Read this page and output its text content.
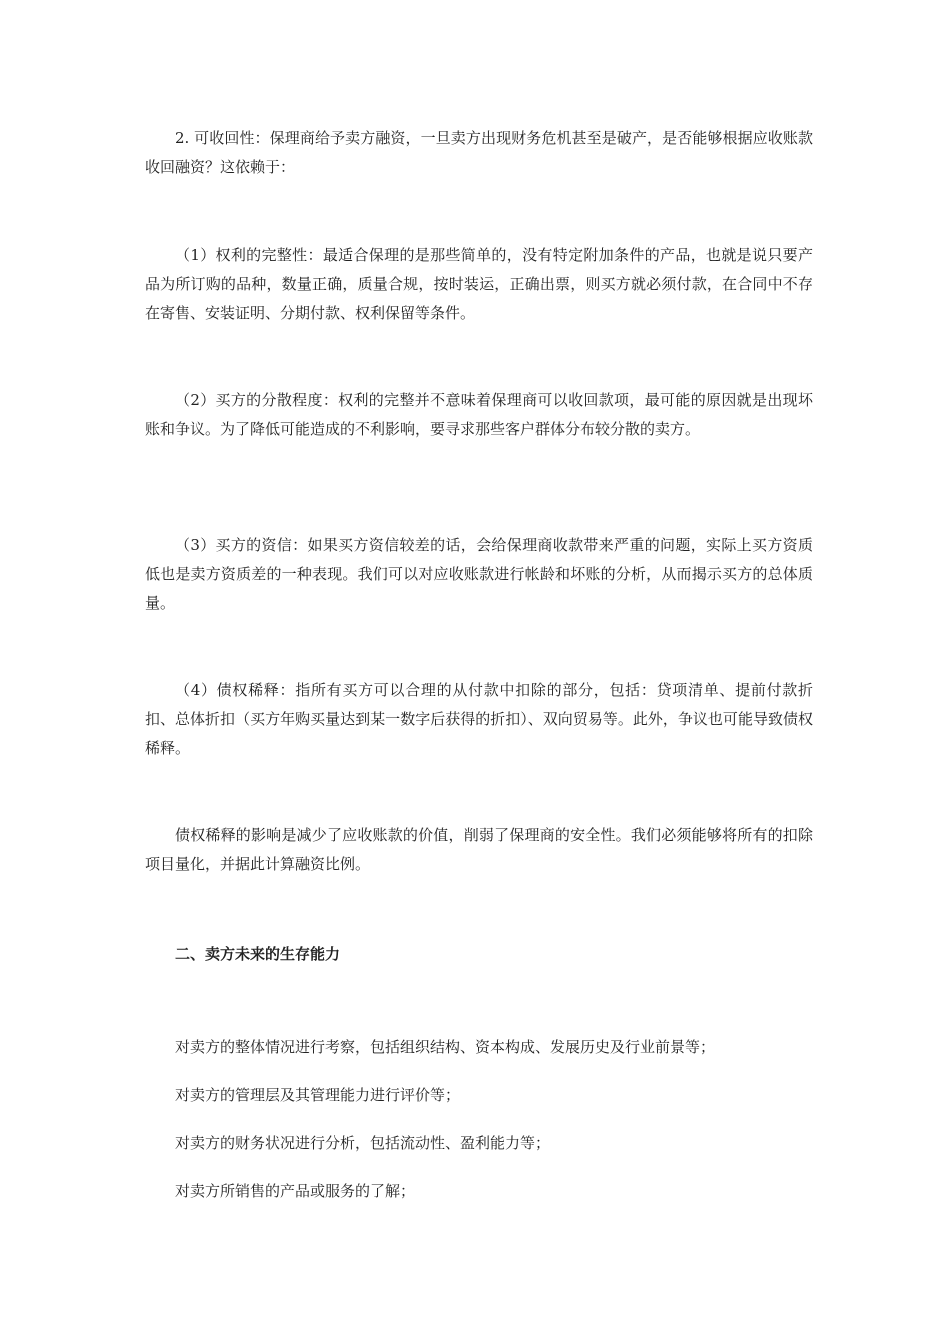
2. 可收回性：保理商给予卖方融资，一旦卖方出现财务危机甚至是破产，是否能够根据应收账款收回融资？这依赖于：

（1）权利的完整性：最适合保理的是那些简单的，没有特定附加条件的产品，也就是说只要产品为所订购的品种，数量正确，质量合规，按时装运，正确出票，则买方就必须付款，在合同中不存在寄售、安装证明、分期付款、权利保留等条件。

（2）买方的分散程度：权利的完整并不意味着保理商可以收回款项，最可能的原因就是出现坏账和争议。为了降低可能造成的不利影响，要寻求那些客户群体分布较分散的卖方。

（3）买方的资信：如果买方资信较差的话，会给保理商收款带来严重的问题，实际上买方资质低也是卖方资质差的一种表现。我们可以对应收账款进行帐龄和坏账的分析，从而揭示买方的总体质量。

（4）债权稀释：指所有买方可以合理的从付款中扣除的部分，包括：贷项清单、提前付款折扣、总体折扣（买方年购买量达到某一数字后获得的折扣）、双向贸易等。此外，争议也可能导致债权稀释。

债权稀释的影响是减少了应收账款的价值，削弱了保理商的安全性。我们必须能够将所有的扣除项目量化，并据此计算融资比例。

二、卖方未来的生存能力

对卖方的整体情况进行考察，包括组织结构、资本构成、发展历史及行业前景等；

对卖方的管理层及其管理能力进行评价等；

对卖方的财务状况进行分析，包括流动性、盈利能力等；

对卖方所销售的产品或服务的了解；
